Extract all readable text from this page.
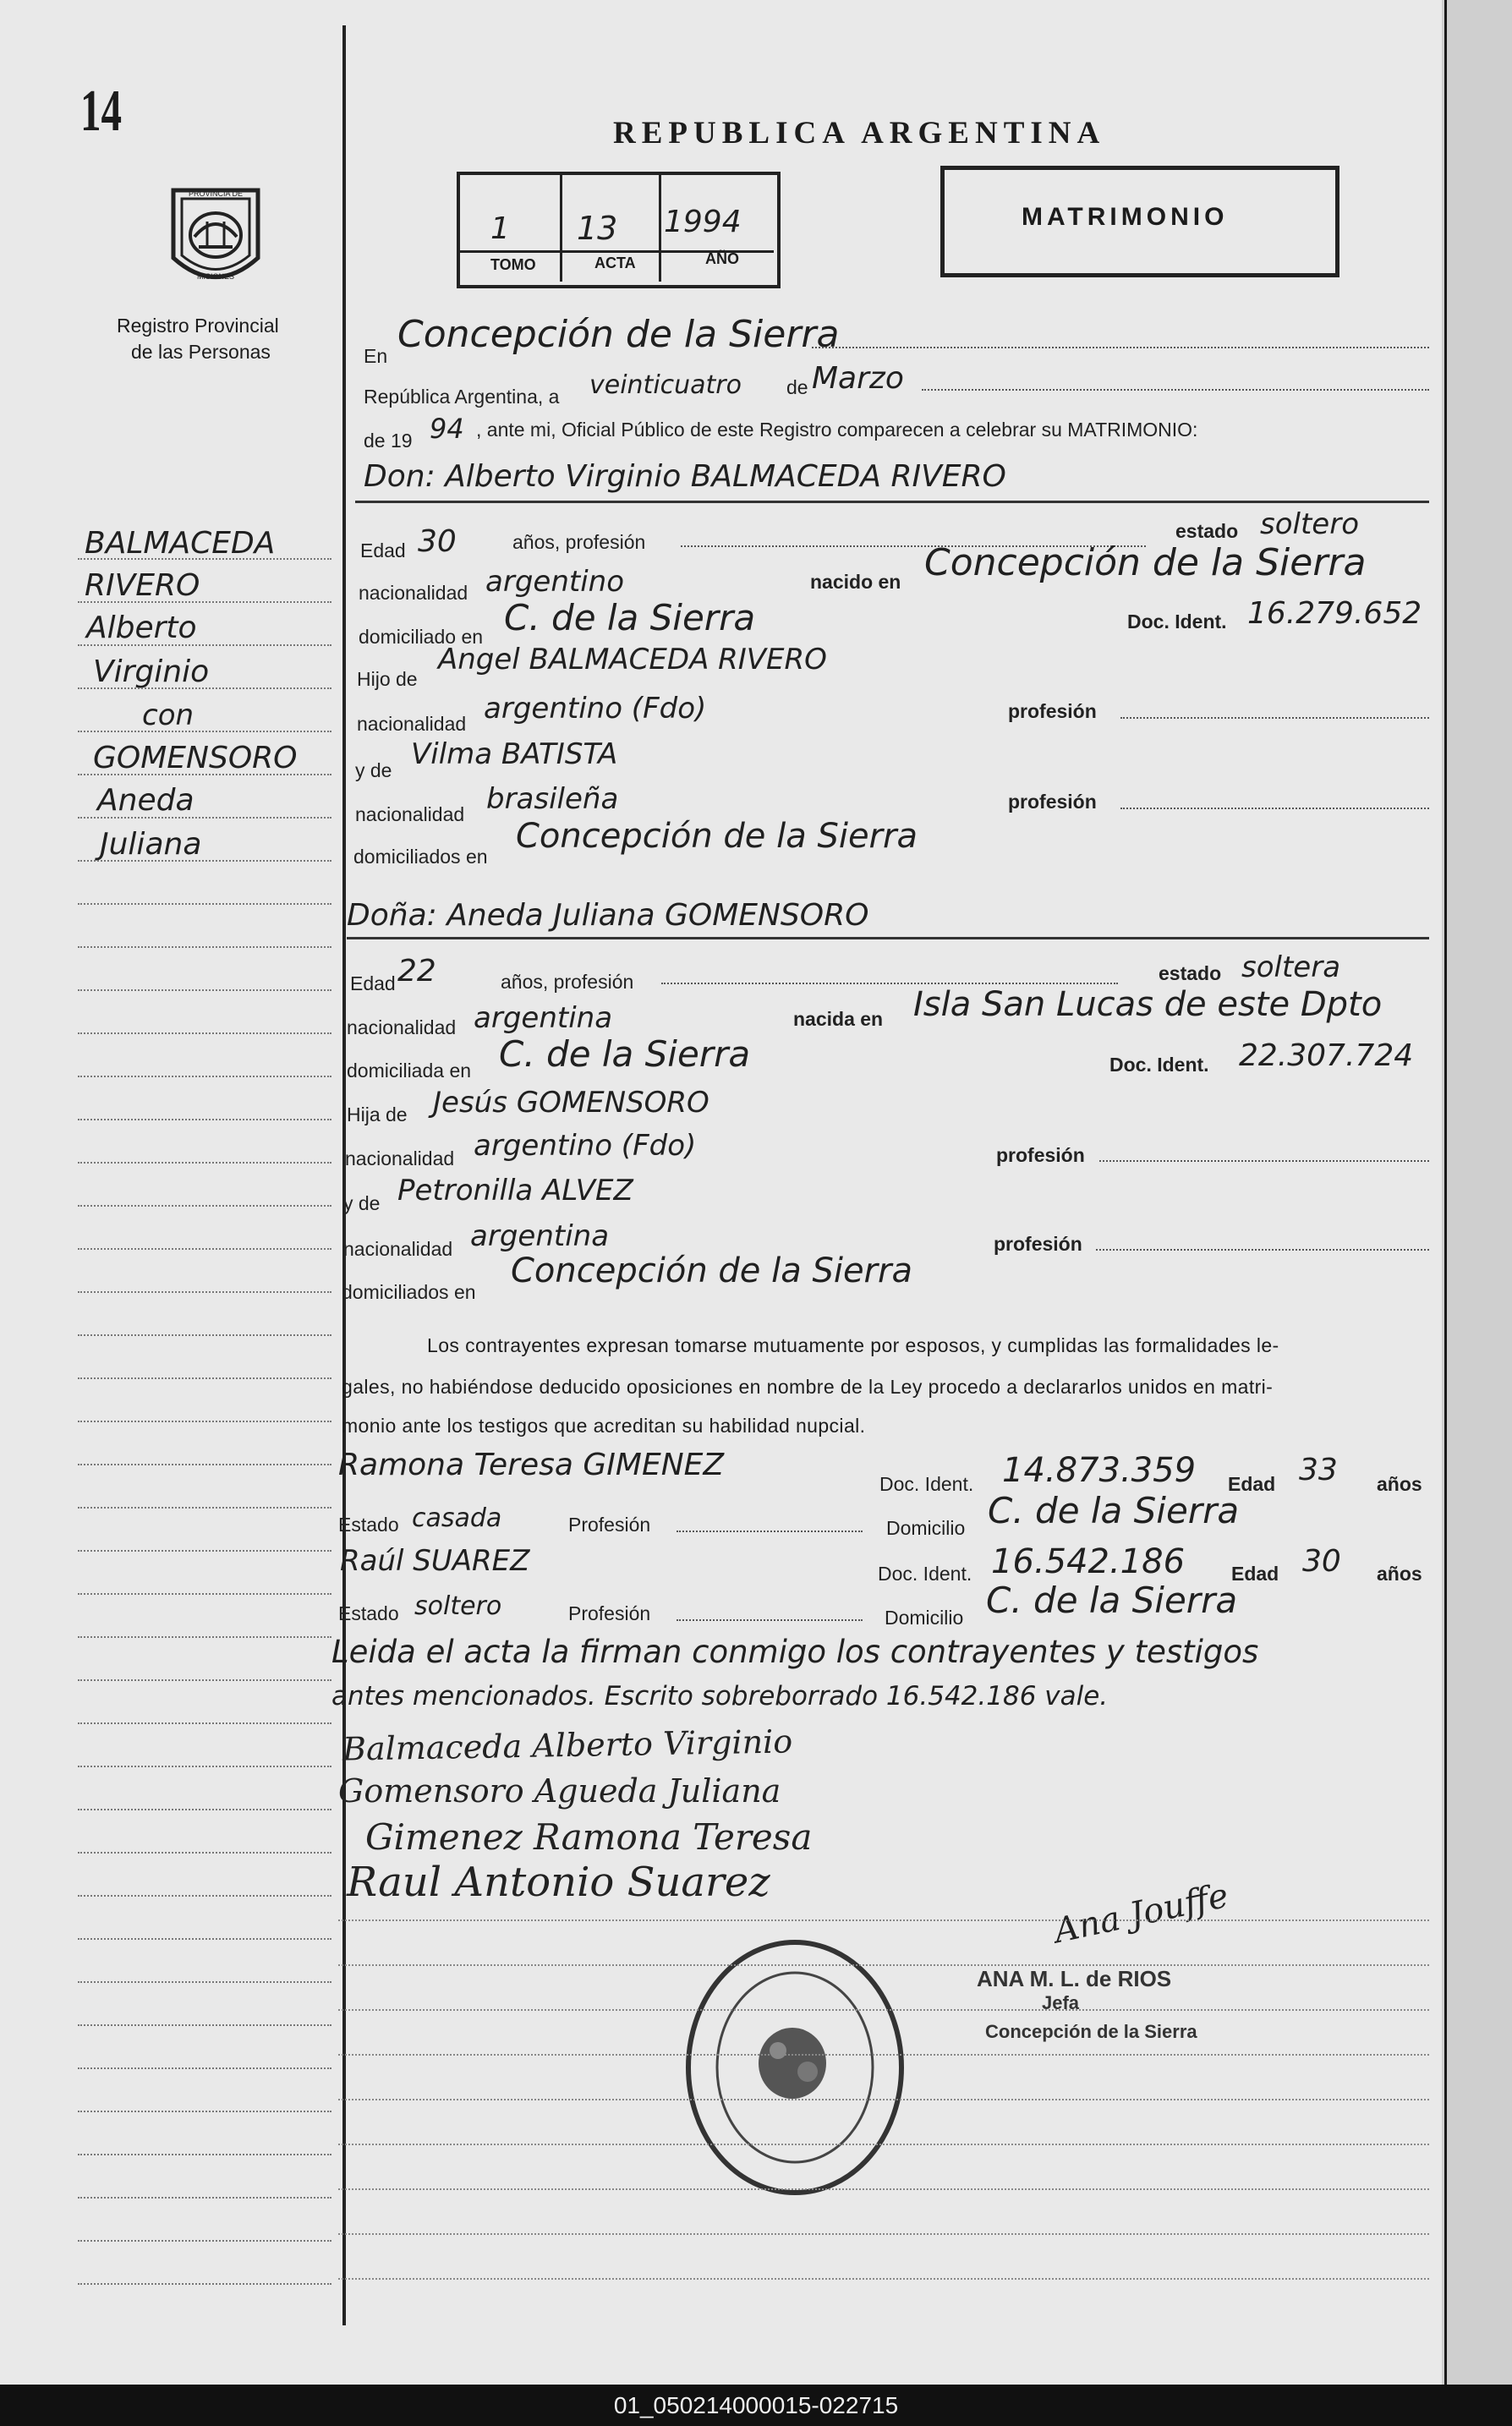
14
PROVINCIA DE
MISIONES
Registro Provincial
de las Personas
REPUBLICA ARGENTINA
1 13 1994
TOMO	ACTA	AÑO
MATRIMONIO
En Concepción de la Sierra
República Argentina, a veinticuatro de Marzo
de 19 94 , ante mi, Oficial Público de este Registro comparecen a celebrar su MATRIMONIO:
Don: Alberto Virginio BALMACEDA RIVERO
Edad 30	años, profesión	estado soltero
nacionalidad argentino	nacido en Concepción de la Sierra
domiciliado en C. de la Sierra	Doc. Ident. 16.279.652
Hijo de
Angel BALMACEDA RIVERO
nacionalidad argentino (Fdo)	profesión
y de Vilma BATISTA
nacionalidad brasileña	profesión
domiciliados en
Concepción de la Sierra
Doña: Aneda Juliana GOMENSORO
Edad 22	años, profesión	estado soltera
nacionalidad argentina	nacida en Isla San Lucas de este Dpto
domiciliada en C. de la Sierra	Doc. Ident. 22.307.724
Hija de Jesús GOMENSORO
nacionalidad argentino (Fdo)	profesión
y de Petronilla ALVEZ
nacionalidad argentina	profesión
domiciliados en
Concepción de la Sierra
Los contrayentes expresan tomarse mutuamente por esposos, y cumplidas las formalidades le-
gales, no habiéndose deducido oposiciones en nombre de la Ley procedo a declararlos unidos en matri-
monio ante los testigos que acreditan su habilidad nupcial.
Ramona Teresa GIMENEZ
Doc. Ident. 14.873.359 Edad 33 años
Estado casada	Profesión	Domicilio C. de la Sierra
Raúl SUAREZ	Doc. Ident. 16.542.186 Edad 30 años
Estado soltero	Profesión	Domicilio C. de la Sierra
Leida el acta la firman conmigo los contrayentes y testigos
antes mencionados. Escrito sobreborrado 16.542.186 vale.
Balmaceda Alberto Virginio
Gomensoro Agueda Juliana
Gimenez Ramona Teresa
Raul Antonio Suarez	Ana Jouffe
ANA M. L. de RIOS
Jefa
Concepción de la Sierra
BALMACEDA
RIVERO
Alberto
Virginio
con
GOMENSORO
Aneda
Juliana
01_050214000015-022715
